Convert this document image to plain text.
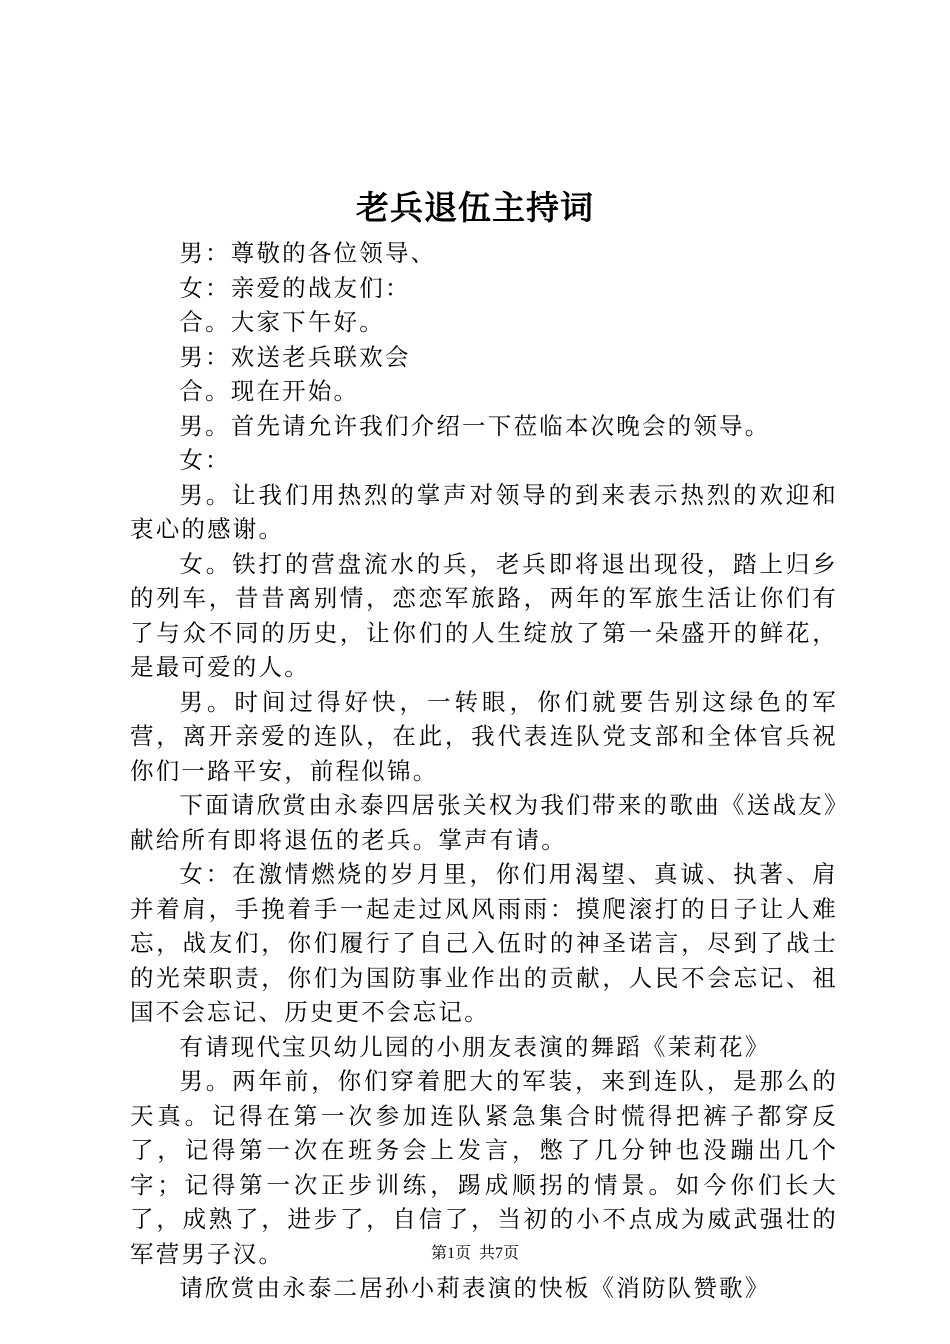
老兵退伍主持词

男：尊敬的各位领导、

女：亲爱的战友们：

合。大家下午好。

男：欢送老兵联欢会

合。现在开始。

男。首先请允许我们介绍一下莅临本次晚会的领导。

女：

男。让我们用热烈的掌声对领导的到来表示热烈的欢迎和衷心的感谢。

女。铁打的营盘流水的兵，老兵即将退出现役，踏上归乡的列车，昔昔离别情，恋恋军旅路，两年的军旅生活让你们有了与众不同的历史，让你们的人生绽放了第一朵盛开的鲜花，是最可爱的人。

男。时间过得好快，一转眼，你们就要告别这绿色的军营，离开亲爱的连队，在此，我代表连队党支部和全体官兵祝你们一路平安，前程似锦。

下面请欣赏由永泰四居张关权为我们带来的歌曲《送战友》献给所有即将退伍的老兵。掌声有请。

女：在激情燃烧的岁月里，你们用渴望、真诚、执著、肩并着肩，手挽着手一起走过风风雨雨：摸爬滚打的日子让人难忘，战友们，你们履行了自己入伍时的神圣诺言，尽到了战士的光荣职责，你们为国防事业作出的贡献，人民不会忘记、祖国不会忘记、历史更不会忘记。

有请现代宝贝幼儿园的小朋友表演的舞蹈《茉莉花》

男。两年前，你们穿着肥大的军装，来到连队，是那么的天真。记得在第一次参加连队紧急集合时慌得把裤子都穿反了，记得第一次在班务会上发言，憋了几分钟也没蹦出几个字；记得第一次正步训练，踢成顺拐的情景。如今你们长大了，成熟了，进步了，自信了，当初的小不点成为威武强壮的军营男子汉。

请欣赏由永泰二居孙小莉表演的快板《消防队赞歌》

第1页  共7页
